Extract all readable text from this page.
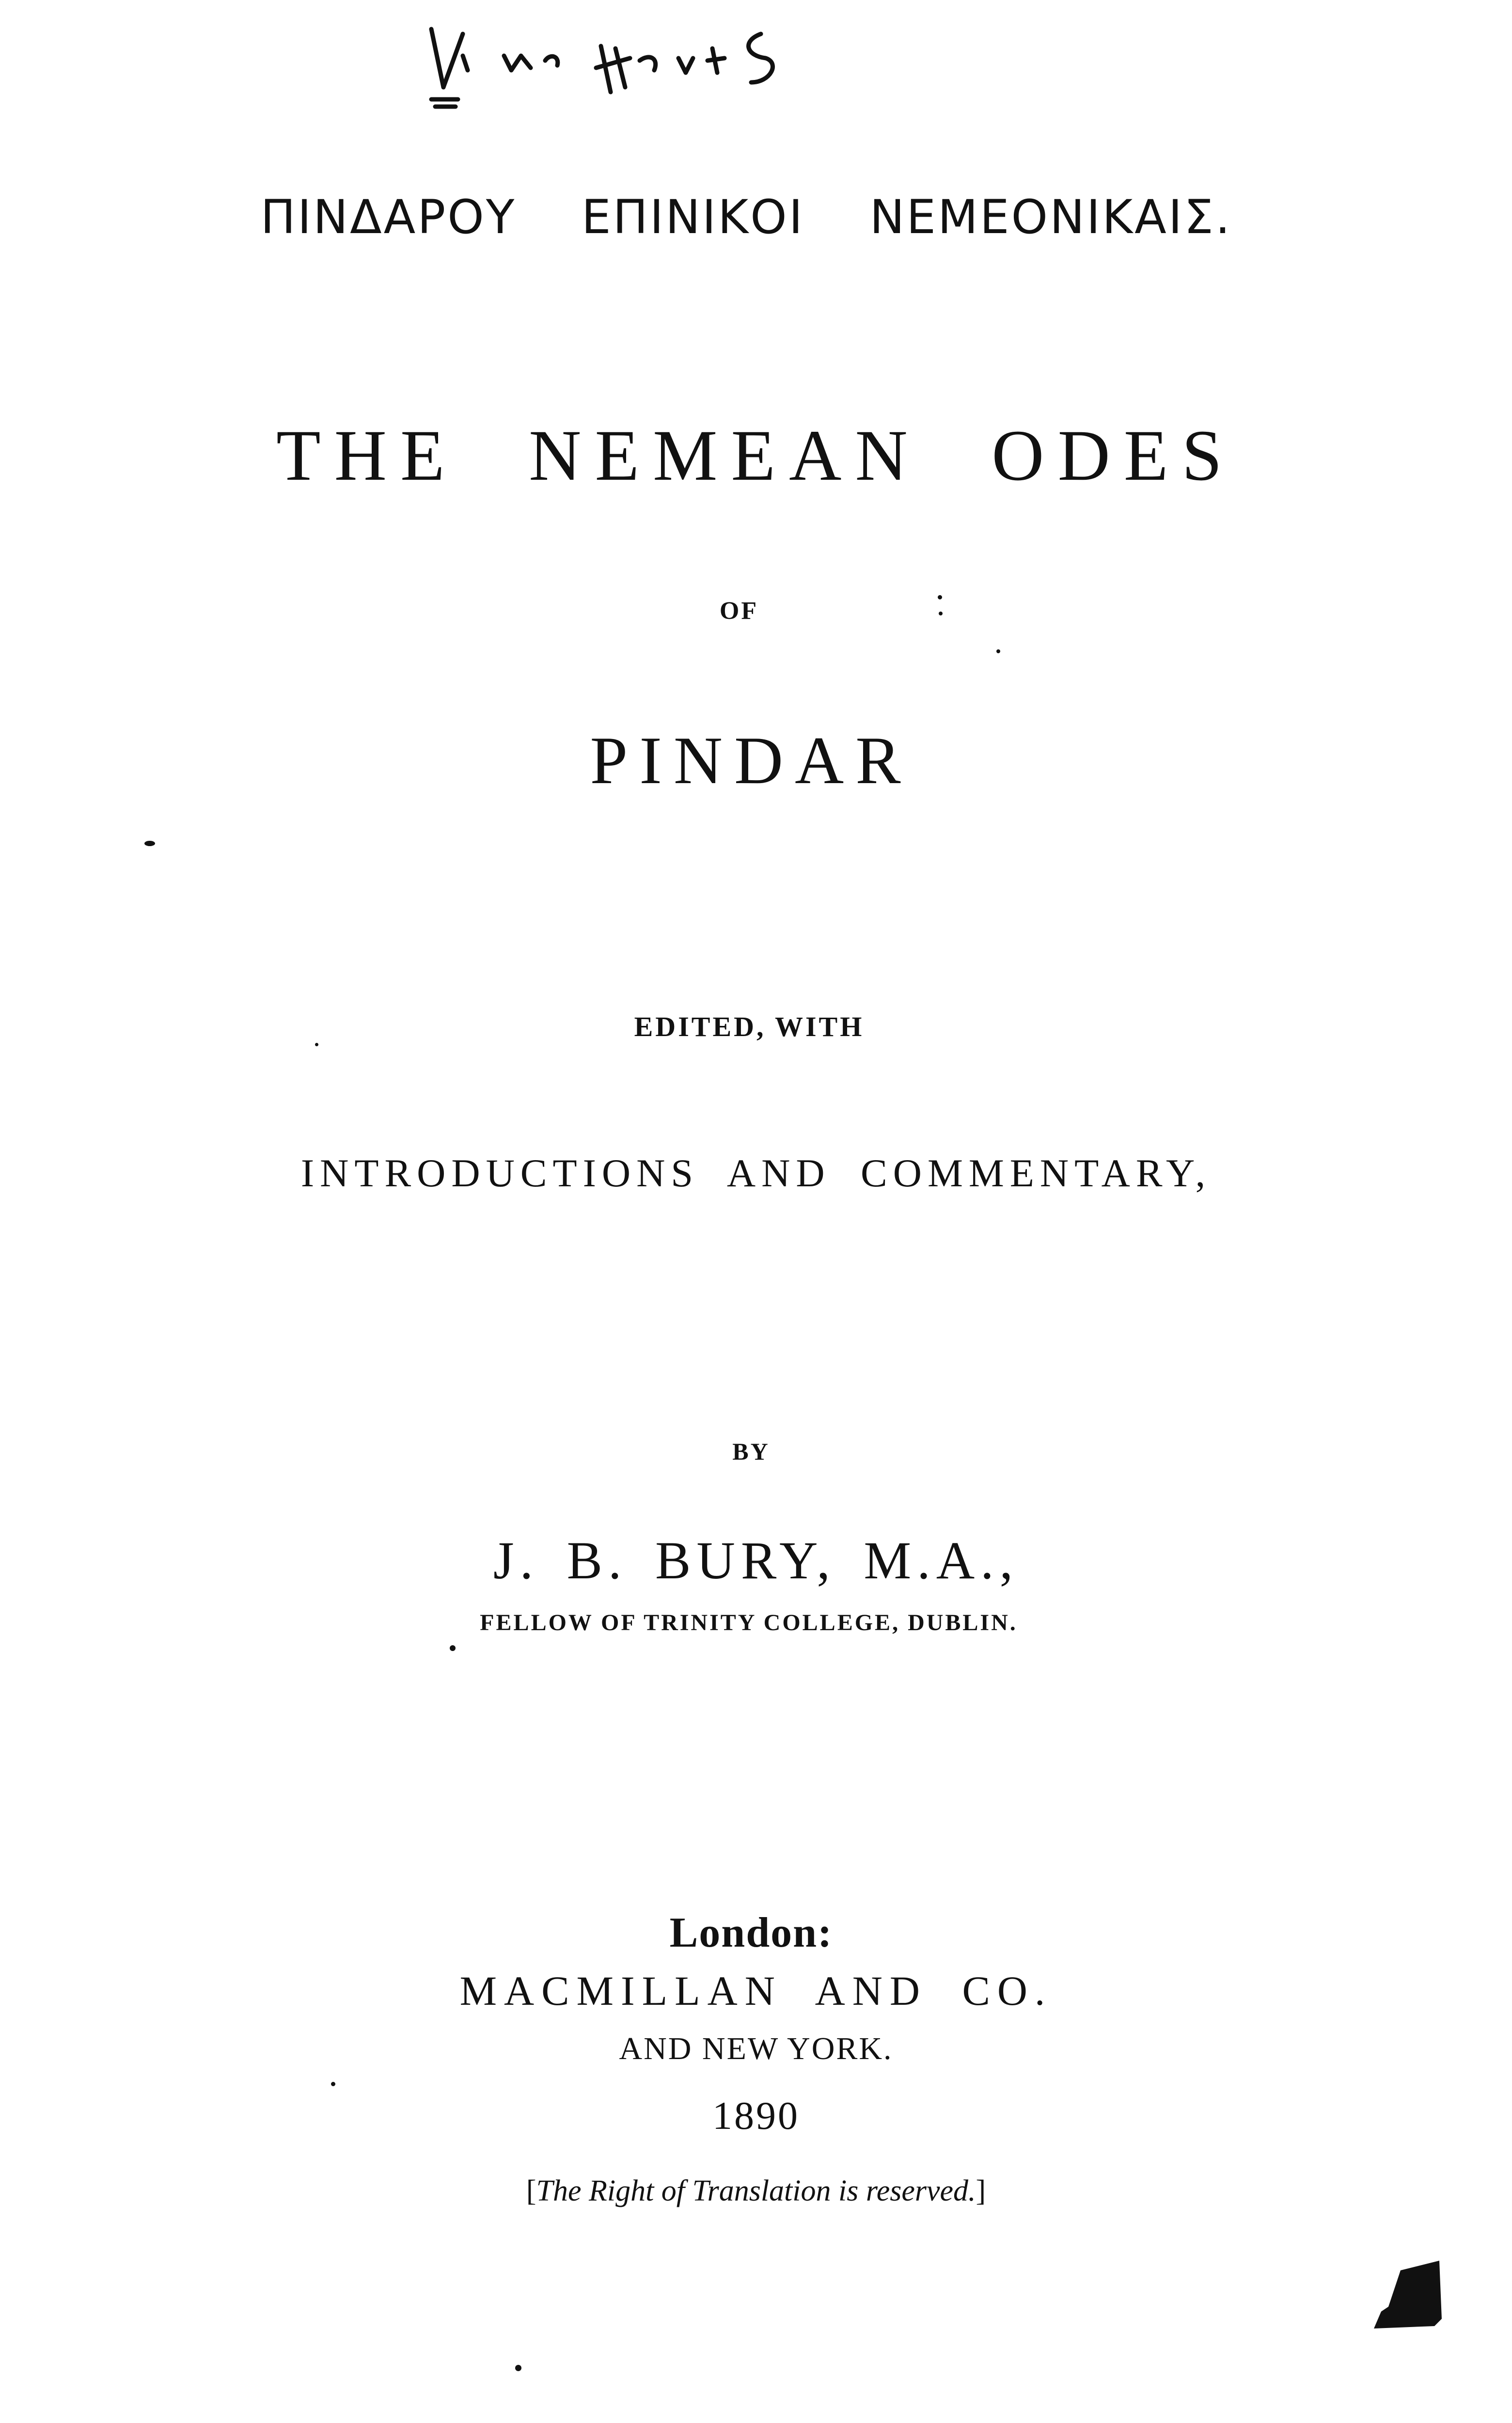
ΠΙΝΔΑΡΟΥ ΕΠΙΝΙΚΟΙ ΝΕΜΕΟΝΙΚΑΙΣ.
THE NEMEAN ODES
OF
PINDAR
EDITED, WITH
INTRODUCTIONS AND COMMENTARY,
BY
J. B. BURY, M.A.,
FELLOW OF TRINITY COLLEGE, DUBLIN.
London:
MACMILLAN AND CO.
AND NEW YORK.
1890
[The Right of Translation is reserved.]
